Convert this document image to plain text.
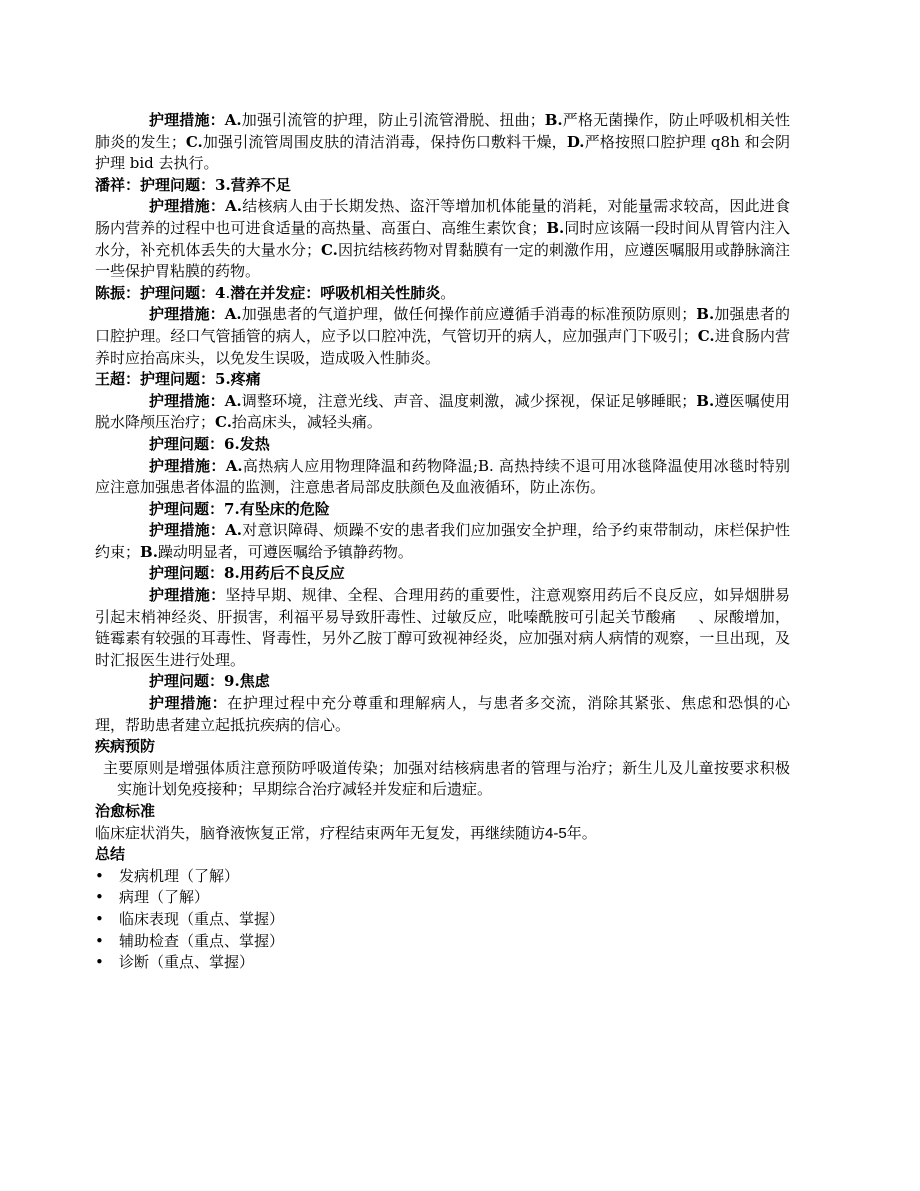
护理措施：A.加强引流管的护理，防止引流管滑脱、扭曲；B.严格无菌操作，防止呼吸机相关性肺炎的发生；C.加强引流管周围皮肤的清洁消毒，保持伤口敷料干燥，D.严格按照口腔护理 q8h 和会阴护理 bid 去执行。

潘祥：护理问题：3.营养不足

护理措施：A.结核病人由于长期发热、盗汗等增加机体能量的消耗，对能量需求较高，因此进食肠内营养的过程中也可进食适量的高热量、高蛋白、高维生素饮食；B.同时应该隔一段时间从胃管内注入水分，补充机体丢失的大量水分；C.因抗结核药物对胃黏膜有一定的刺激作用，应遵医嘱服用或静脉滴注一些保护胃粘膜的药物。

陈振：护理问题：4.潜在并发症：呼吸机相关性肺炎。

护理措施：A.加强患者的气道护理，做任何操作前应遵循手消毒的标准预防原则；B.加强患者的口腔护理。经口气管插管的病人，应予以口腔冲洗，气管切开的病人，应加强声门下吸引；C.进食肠内营养时应抬高床头，以免发生误吸，造成吸入性肺炎。

王超：护理问题：5.疼痛

护理措施：A.调整环境，注意光线、声音、温度刺激，减少探视，保证足够睡眠；B.遵医嘱使用脱水降颅压治疗；C.抬高床头，减轻头痛。

护理问题：6.发热

护理措施：A.高热病人应用物理降温和药物降温;B. 高热持续不退可用冰毯降温使用冰毯时特别应注意加强患者体温的监测，注意患者局部皮肤颜色及血液循环，防止冻伤。

护理问题：7.有坠床的危险

护理措施：A.对意识障碍、烦躁不安的患者我们应加强安全护理，给予约束带制动，床栏保护性约束；B.躁动明显者，可遵医嘱给予镇静药物。

护理问题：8.用药后不良反应

护理措施：坚持早期、规律、全程、合理用药的重要性，注意观察用药后不良反应，如异烟肼易引起末梢神经炎、肝损害，利福平易导致肝毒性、过敏反应，吡嗪酰胺可引起关节酸痛 、尿酸增加，链霉素有较强的耳毒性、肾毒性，另外乙胺丁醇可致视神经炎，应加强对病人病情的观察，一旦出现，及时汇报医生进行处理。

护理问题：9.焦虑

护理措施：在护理过程中充分尊重和理解病人，与患者多交流，消除其紧张、焦虑和恐惧的心理，帮助患者建立起抵抗疾病的信心。

疾病预防

主要原则是增强体质注意预防呼吸道传染；加强对结核病患者的管理与治疗；新生儿及儿童按要求积极实施计划免疫接种；早期综合治疗减轻并发症和后遗症。

治愈标准

临床症状消失，脑脊液恢复正常，疗程结束两年无复发，再继续随访4-5年。

总结

• 发病机理（了解）
• 病理（了解）
• 临床表现（重点、掌握）
• 辅助检查（重点、掌握）
• 诊断（重点、掌握）
